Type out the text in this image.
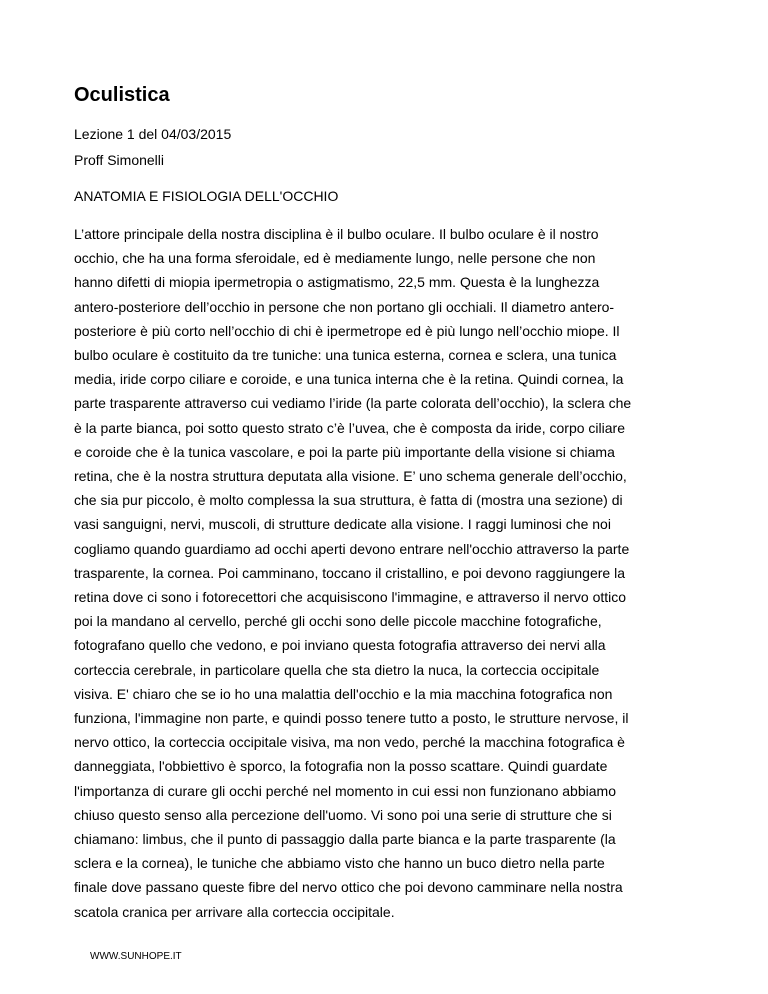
Oculistica
Lezione 1 del 04/03/2015
Proff Simonelli
ANATOMIA E FISIOLOGIA DELL'OCCHIO
L’attore principale della nostra disciplina è il bulbo oculare. Il bulbo oculare è il nostro
occhio, che ha una forma sferoidale, ed è mediamente lungo, nelle persone che non
hanno difetti di miopia ipermetropia o astigmatismo, 22,5 mm. Questa è la lunghezza
antero-posteriore dell’occhio in persone che non portano gli occhiali. Il diametro antero-
posteriore è più corto nell’occhio di chi è ipermetrope ed è più lungo nell’occhio miope. Il
bulbo oculare è costituito da tre tuniche: una tunica esterna, cornea e sclera, una tunica
media, iride corpo ciliare e coroide, e una tunica interna che è la retina. Quindi cornea, la
parte trasparente attraverso cui vediamo l’iride (la parte colorata dell’occhio), la sclera che
è la parte bianca, poi sotto questo strato c’è l’uvea, che è composta da iride, corpo ciliare
e coroide che è la tunica vascolare, e poi la parte più importante della visione si chiama
retina, che è la nostra struttura deputata alla visione. E’ uno schema generale dell’occhio,
che sia pur piccolo, è molto complessa la sua struttura, è fatta di (mostra una sezione) di
vasi sanguigni, nervi, muscoli, di strutture dedicate alla visione. I raggi luminosi che noi
cogliamo quando guardiamo ad occhi aperti devono entrare nell'occhio attraverso la parte
trasparente, la cornea. Poi camminano, toccano il cristallino, e poi devono raggiungere la
retina dove ci sono i fotorecettori che acquisiscono l'immagine, e attraverso il nervo ottico
poi la mandano al cervello, perché gli occhi sono delle piccole macchine fotografiche,
fotografano quello che vedono, e poi inviano questa fotografia attraverso dei nervi alla
corteccia cerebrale, in particolare quella che sta dietro la nuca, la corteccia occipitale
visiva. E' chiaro che se io ho una malattia dell'occhio e la mia macchina fotografica non
funziona, l'immagine non parte, e quindi posso tenere tutto a posto, le strutture nervose, il
nervo ottico, la corteccia occipitale visiva, ma non vedo, perché la macchina fotografica è
danneggiata, l'obbiettivo è sporco, la fotografia non la posso scattare. Quindi guardate
l'importanza di curare gli occhi perché nel momento in cui essi non funzionano abbiamo
chiuso questo senso alla percezione dell'uomo. Vi sono poi una serie di strutture che si
chiamano: limbus, che il punto di passaggio dalla parte bianca e la parte trasparente (la
sclera e la cornea), le tuniche che abbiamo visto che hanno un buco dietro nella parte
finale dove passano queste fibre del nervo ottico che poi devono camminare nella nostra
scatola cranica per arrivare alla corteccia occipitale.
WWW.SUNHOPE.IT
